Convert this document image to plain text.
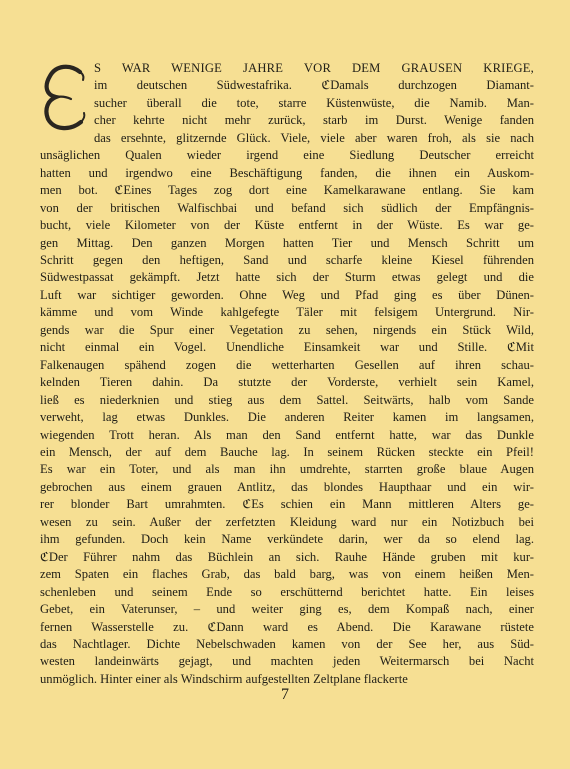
S WAR WENIGE JAHRE VOR DEM GRAUSEN KRIEGE,
im deutschen Südwestafrika. ℭDamals durchzogen Diamant-
sucher überall die tote, starre Küstenwüste, die Namib. Man-
cher kehrte nicht mehr zurück, starb im Durst. Wenige fanden
das ersehnte, glitzernde Glück. Viele, viele aber waren froh, als sie nach
unsäglichen Qualen wieder irgend eine Siedlung Deutscher erreicht
hatten und irgendwo eine Beschäftigung fanden, die ihnen ein Auskom-
men bot. ℭEines Tages zog dort eine Kamelkarawane entlang. Sie kam
von der britischen Walfischbai und befand sich südlich der Empfängnis-
bucht, viele Kilometer von der Küste entfernt in der Wüste. Es war ge-
gen Mittag. Den ganzen Morgen hatten Tier und Mensch Schritt um
Schritt gegen den heftigen, Sand und scharfe kleine Kiesel führenden
Südwestpassat gekämpft. Jetzt hatte sich der Sturm etwas gelegt und die
Luft war sichtiger geworden. Ohne Weg und Pfad ging es über Dünen-
kämme und vom Winde kahlgefegte Täler mit felsigem Untergrund. Nir-
gends war die Spur einer Vegetation zu sehen, nirgends ein Stück Wild,
nicht einmal ein Vogel. Unendliche Einsamkeit war und Stille. ℭMit
Falkenaugen spähend zogen die wetterharten Gesellen auf ihren schau-
kelnden Tieren dahin. Da stutzte der Vorderste, verhielt sein Kamel,
ließ es niederknien und stieg aus dem Sattel. Seitwärts, halb vom Sande
verweht, lag etwas Dunkles. Die anderen Reiter kamen im langsamen,
wiegenden Trott heran. Als man den Sand entfernt hatte, war das Dunkle
ein Mensch, der auf dem Bauche lag. In seinem Rücken steckte ein Pfeil!
Es war ein Toter, und als man ihn umdrehte, starrten große blaue Augen
gebrochen aus einem grauen Antlitz, das blondes Haupthaar und ein wir-
rer blonder Bart umrahmten. ℭEs schien ein Mann mittleren Alters ge-
wesen zu sein. Außer der zerfetzten Kleidung ward nur ein Notizbuch bei
ihm gefunden. Doch kein Name verkündete darin, wer da so elend lag.
ℭDer Führer nahm das Büchlein an sich. Rauhe Hände gruben mit kur-
zem Spaten ein flaches Grab, das bald barg, was von einem heißen Men-
schenleben und seinem Ende so erschütternd berichtet hatte. Ein leises
Gebet, ein Vaterunser, – und weiter ging es, dem Kompaß nach, einer
fernen Wasserstelle zu. ℭDann ward es Abend. Die Karawane rüstete
das Nachtlager. Dichte Nebelschwaden kamen von der See her, aus Süd-
westen landeinwärts gejagt, und machten jeden Weitermarsch bei Nacht
unmöglich. Hinter einer als Windschirm aufgestellten Zeltplane flackerte
7
